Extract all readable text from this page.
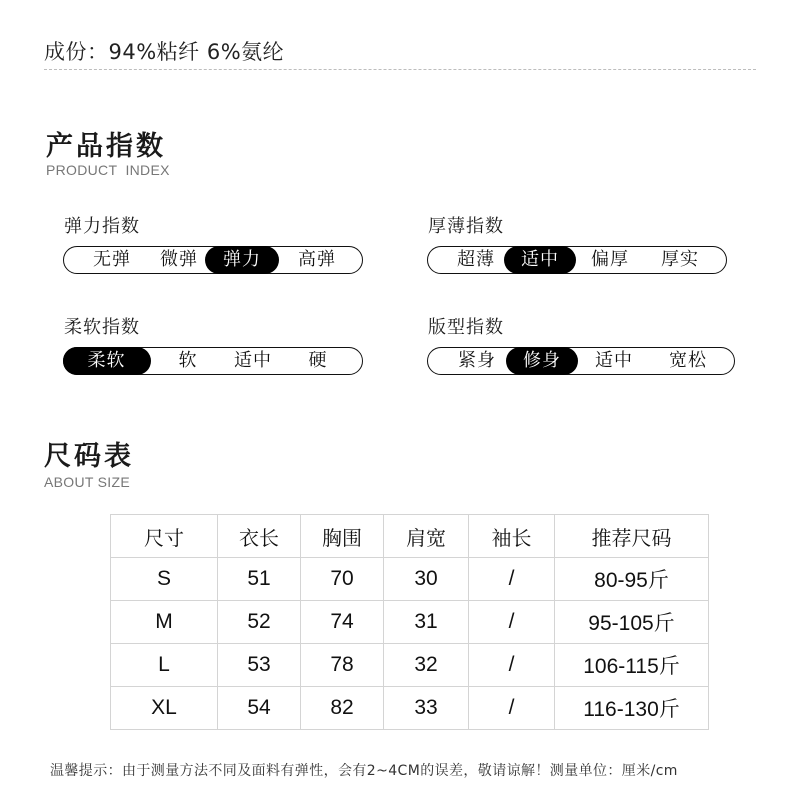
成份：94%粘纤 6%氨纶
产品指数
PRODUCT  INDEX
弹力指数
无弹	微弹	弹力	高弹
厚薄指数
超薄	适中	偏厚	厚实
柔软指数
柔软	软	适中	硬
版型指数
紧身	修身	适中	宽松
尺码表
ABOUT SIZE
尺寸	衣长	胸围	肩宽	袖长	推荐尺码
S	51	70	30	/	80-95斤
M	52	74	31	/	95-105斤
L	53	78	32	/	106-115斤
XL	54	82	33	/	116-130斤
温馨提示：由于测量方法不同及面料有弹性，会有2~4CM的误差，敬请谅解！测量单位：厘米/cm
